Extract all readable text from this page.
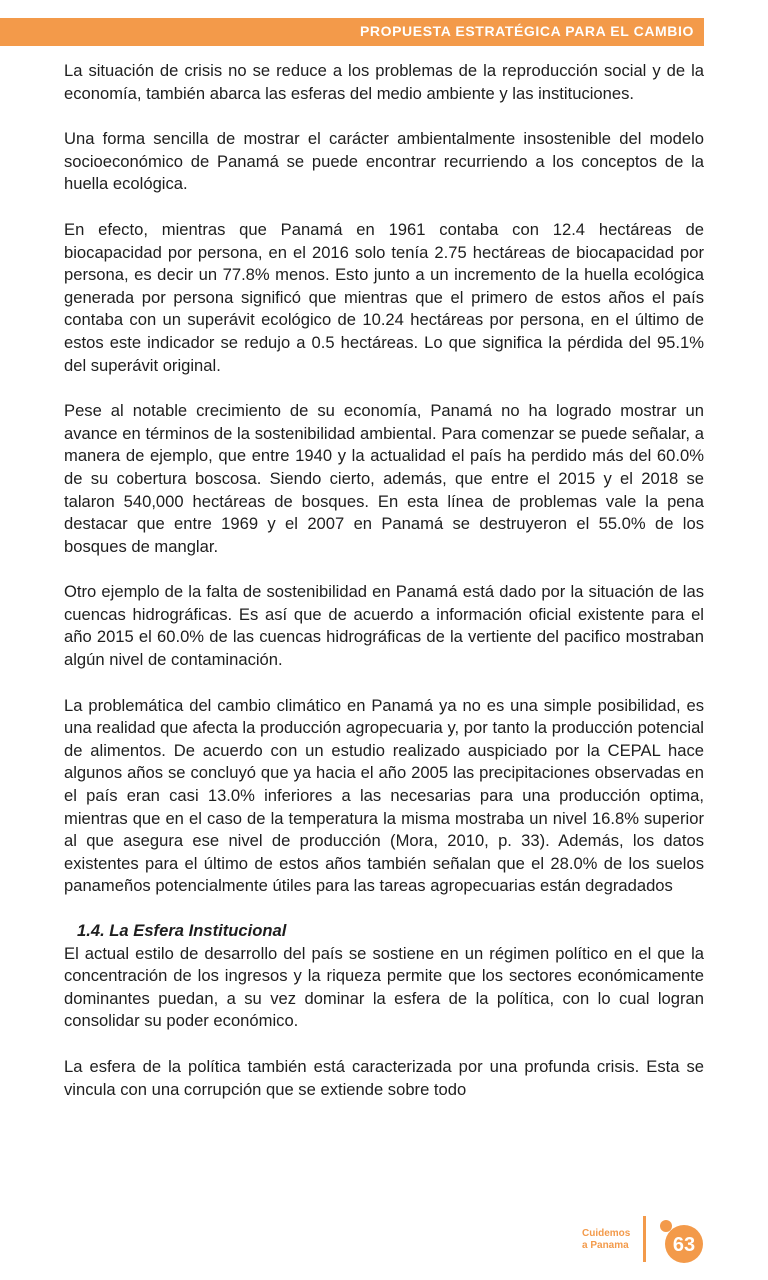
PROPUESTA ESTRATÉGICA PARA EL CAMBIO

La situación de crisis no se reduce a los problemas de la reproducción social y de la economía, también abarca las esferas del medio ambiente y las instituciones.

Una forma sencilla de mostrar el carácter ambientalmente insostenible del modelo socioeconómico de Panamá se puede encontrar recurriendo a los conceptos de la huella ecológica.

En efecto, mientras que Panamá en 1961 contaba con 12.4 hectáreas de biocapacidad por persona, en el 2016 solo tenía 2.75 hectáreas de biocapacidad por persona, es decir un 77.8% menos. Esto junto a un incremento de la huella ecológica generada por persona significó que mientras que el primero de estos años el país contaba con un superávit ecológico de 10.24 hectáreas por persona, en el último de estos este indicador se redujo a 0.5 hectáreas. Lo que significa la pérdida del 95.1% del superávit original.

Pese al notable crecimiento de su economía, Panamá no ha logrado mostrar un avance en términos de la sostenibilidad ambiental. Para comenzar se puede señalar, a manera de ejemplo, que entre 1940 y la actualidad el país ha perdido más del 60.0% de su cobertura boscosa. Siendo cierto, además, que entre el 2015 y el 2018 se talaron 540,000 hectáreas de bosques. En esta línea de problemas vale la pena destacar que entre 1969 y el 2007 en Panamá se destruyeron el 55.0% de los bosques de manglar.

Otro ejemplo de la falta de sostenibilidad en Panamá está dado por la situación de las cuencas hidrográficas. Es así que de acuerdo a información oficial existente para el año 2015 el 60.0% de las cuencas hidrográficas de la vertiente del pacifico mostraban algún nivel de contaminación.

La problemática del cambio climático en Panamá ya no es una simple posibilidad, es una realidad que afecta la producción agropecuaria y, por tanto la producción potencial de alimentos. De acuerdo con un estudio realizado auspiciado por la CEPAL hace algunos años se concluyó que ya hacia el año 2005 las precipitaciones observadas en el país eran casi 13.0% inferiores a las necesarias para una producción optima, mientras que en el caso de la temperatura la misma mostraba un nivel 16.8% superior al que asegura ese nivel de producción (Mora, 2010, p. 33). Además, los datos existentes para el último de estos años también señalan que el 28.0% de los suelos panameños potencialmente útiles para las tareas agropecuarias están degradados

1.4. La Esfera Institucional

El actual estilo de desarrollo del país se sostiene en un régimen político en el que la concentración de los ingresos y la riqueza permite que los sectores económicamente dominantes puedan, a su vez dominar la esfera de la política, con lo cual logran consolidar su poder económico.

La esfera de la política también está caracterizada por una profunda crisis. Esta se vincula con una corrupción que se extiende sobre todo

Cuidemos
a Panama 63
